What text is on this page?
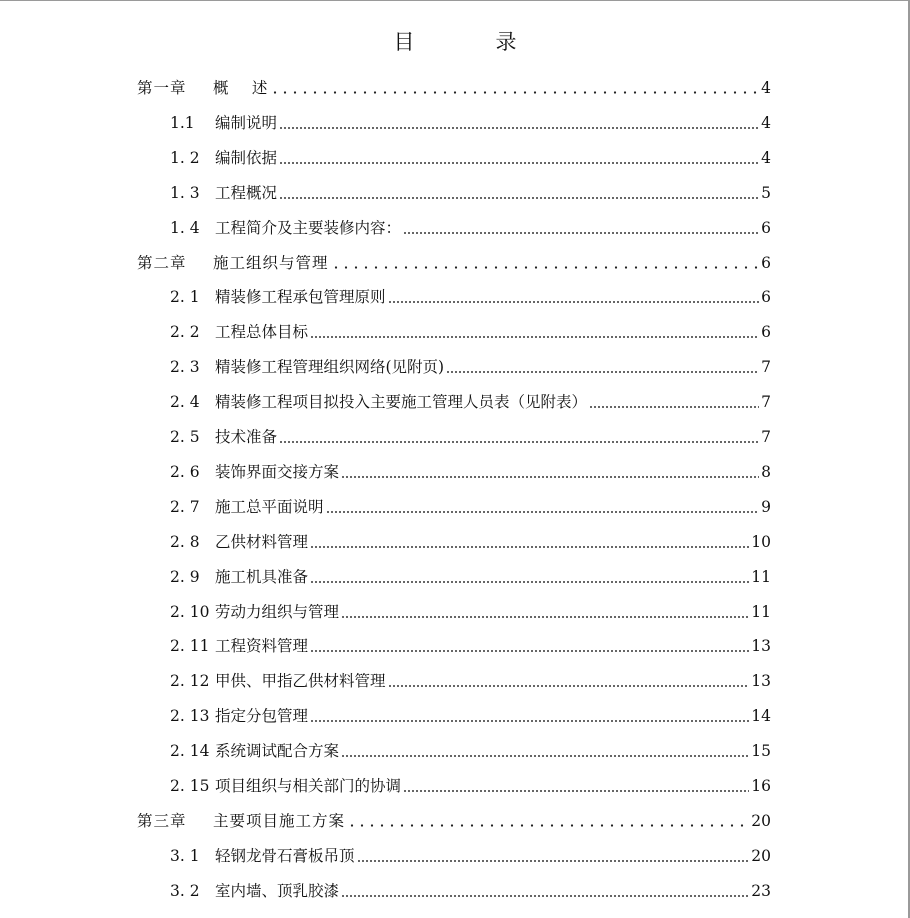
目　录
第一章	概　 述	4
1.1	编制说明	4
1. 2 编制依据	4
1. 3 工程概况	5
1. 4 工程简介及主要装修内容：	6
第二章	施工组织与管理	6
2. 1 精装修工程承包管理原则	6
2. 2 工程总体目标	6
2. 3 精装修工程管理组织网络(见附页)	7
2. 4 精装修工程项目拟投入主要施工管理人员表（见附表）	7
2. 5 技术准备	7
2. 6 装饰界面交接方案	8
2. 7 施工总平面说明	9
2. 8 乙供材料管理	10
2. 9 施工机具准备	11
2. 10 劳动力组织与管理	11
2. 11 工程资料管理	13
2. 12 甲供、甲指乙供材料管理	13
2. 13 指定分包管理	14
2. 14 系统调试配合方案	15
2. 15 项目组织与相关部门的协调	16
第三章	主要项目施工方案	20
3. 1 轻钢龙骨石膏板吊顶	20
3. 2 室内墙、顶乳胶漆	23
